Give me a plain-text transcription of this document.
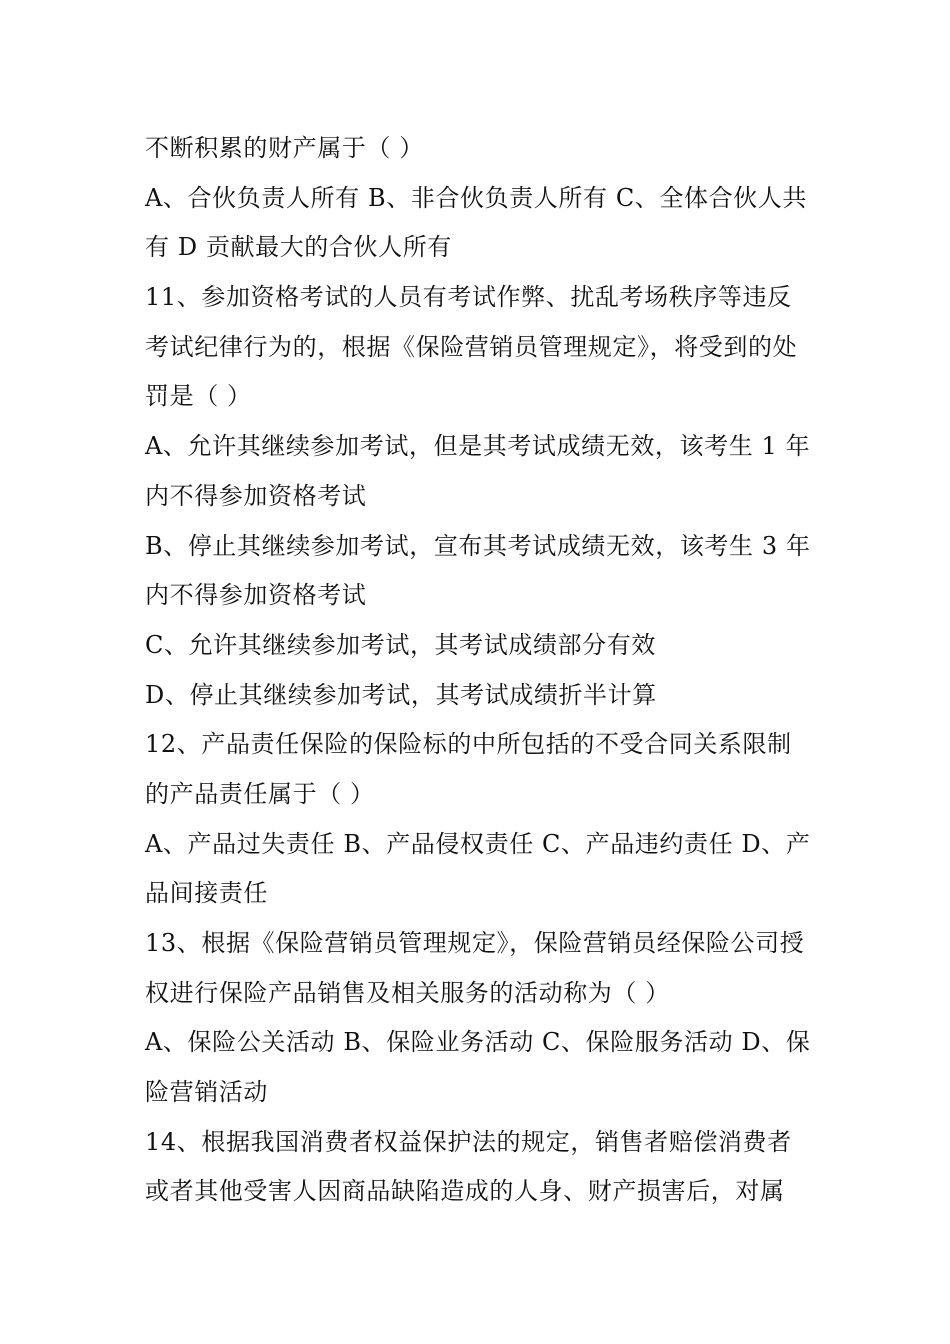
不断积累的财产属于（ ）
A、合伙负责人所有 B、非合伙负责人所有 C、全体合伙人共
有 D 贡献最大的合伙人所有
11、参加资格考试的人员有考试作弊、扰乱考场秩序等违反
考试纪律行为的，根据《保险营销员管理规定》，将受到的处
罚是（ ）
A、允许其继续参加考试，但是其考试成绩无效，该考生 1 年
内不得参加资格考试
B、停止其继续参加考试，宣布其考试成绩无效，该考生 3 年
内不得参加资格考试
C、允许其继续参加考试，其考试成绩部分有效
D、停止其继续参加考试，其考试成绩折半计算
12、产品责任保险的保险标的中所包括的不受合同关系限制
的产品责任属于（ ）
A、产品过失责任 B、产品侵权责任 C、产品违约责任 D、产
品间接责任
13、根据《保险营销员管理规定》，保险营销员经保险公司授
权进行保险产品销售及相关服务的活动称为（ ）
A、保险公关活动 B、保险业务活动 C、保险服务活动 D、保
险营销活动
14、根据我国消费者权益保护法的规定，销售者赔偿消费者
或者其他受害人因商品缺陷造成的人身、财产损害后，对属
